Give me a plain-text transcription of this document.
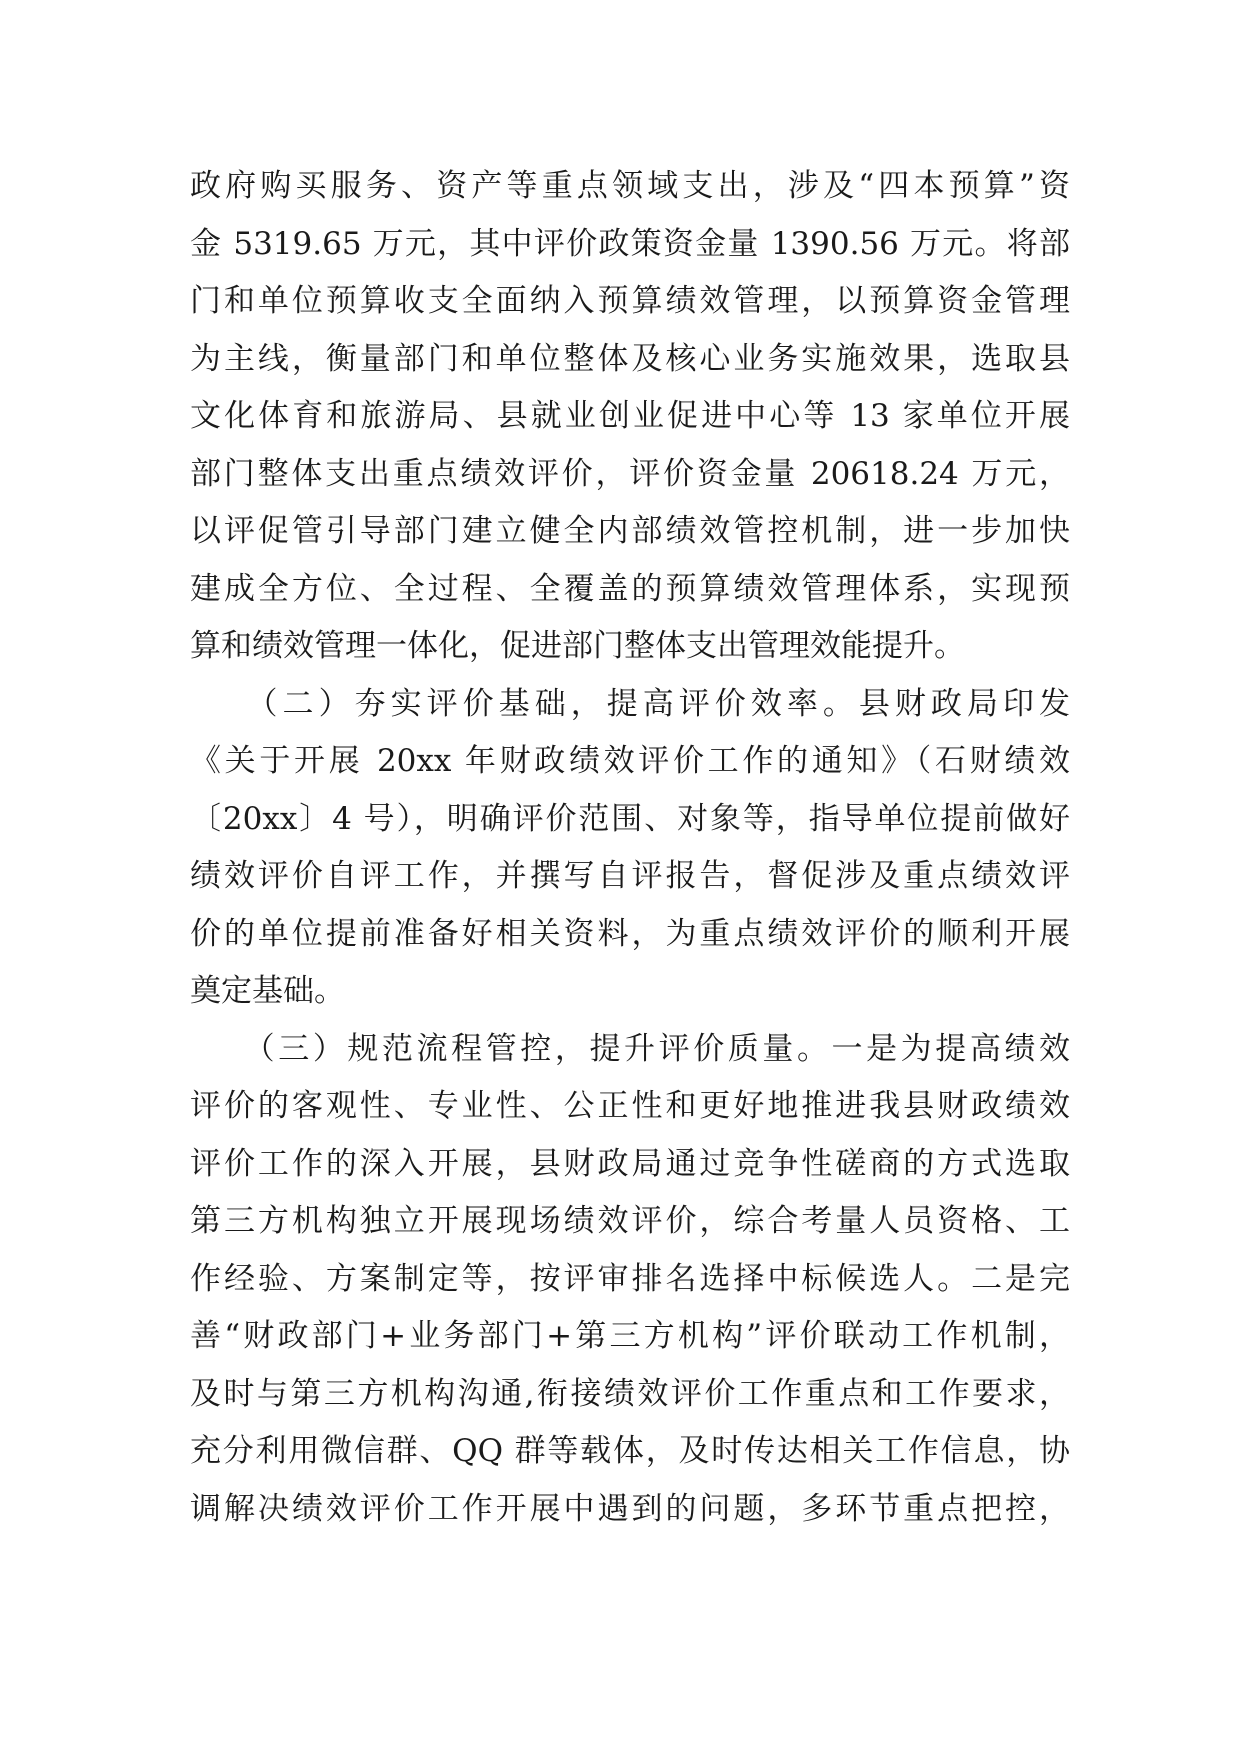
政府购买服务、资产等重点领域支出，涉及“四本预算”资
金 5319.65 万元，其中评价政策资金量 1390.56 万元。将部
门和单位预算收支全面纳入预算绩效管理，以预算资金管理
为主线，衡量部门和单位整体及核心业务实施效果，选取县
文化体育和旅游局、县就业创业促进中心等 13 家单位开展
部门整体支出重点绩效评价，评价资金量 20618.24 万元，
以评促管引导部门建立健全内部绩效管控机制，进一步加快
建成全方位、全过程、全覆盖的预算绩效管理体系，实现预
算和绩效管理一体化，促进部门整体支出管理效能提升。
　　（二）夯实评价基础，提高评价效率。县财政局印发
《关于开展 20xx 年财政绩效评价工作的通知》（石财绩效
〔20xx〕4 号），明确评价范围、对象等，指导单位提前做好
绩效评价自评工作，并撰写自评报告，督促涉及重点绩效评
价的单位提前准备好相关资料，为重点绩效评价的顺利开展
奠定基础。
　　（三）规范流程管控，提升评价质量。一是为提高绩效
评价的客观性、专业性、公正性和更好地推进我县财政绩效
评价工作的深入开展，县财政局通过竞争性磋商的方式选取
第三方机构独立开展现场绩效评价，综合考量人员资格、工
作经验、方案制定等，按评审排名选择中标候选人。二是完
善“财政部门+业务部门+第三方机构”评价联动工作机制，
及时与第三方机构沟通,衔接绩效评价工作重点和工作要求，
充分利用微信群、QQ 群等载体，及时传达相关工作信息，协
调解决绩效评价工作开展中遇到的问题，多环节重点把控，
